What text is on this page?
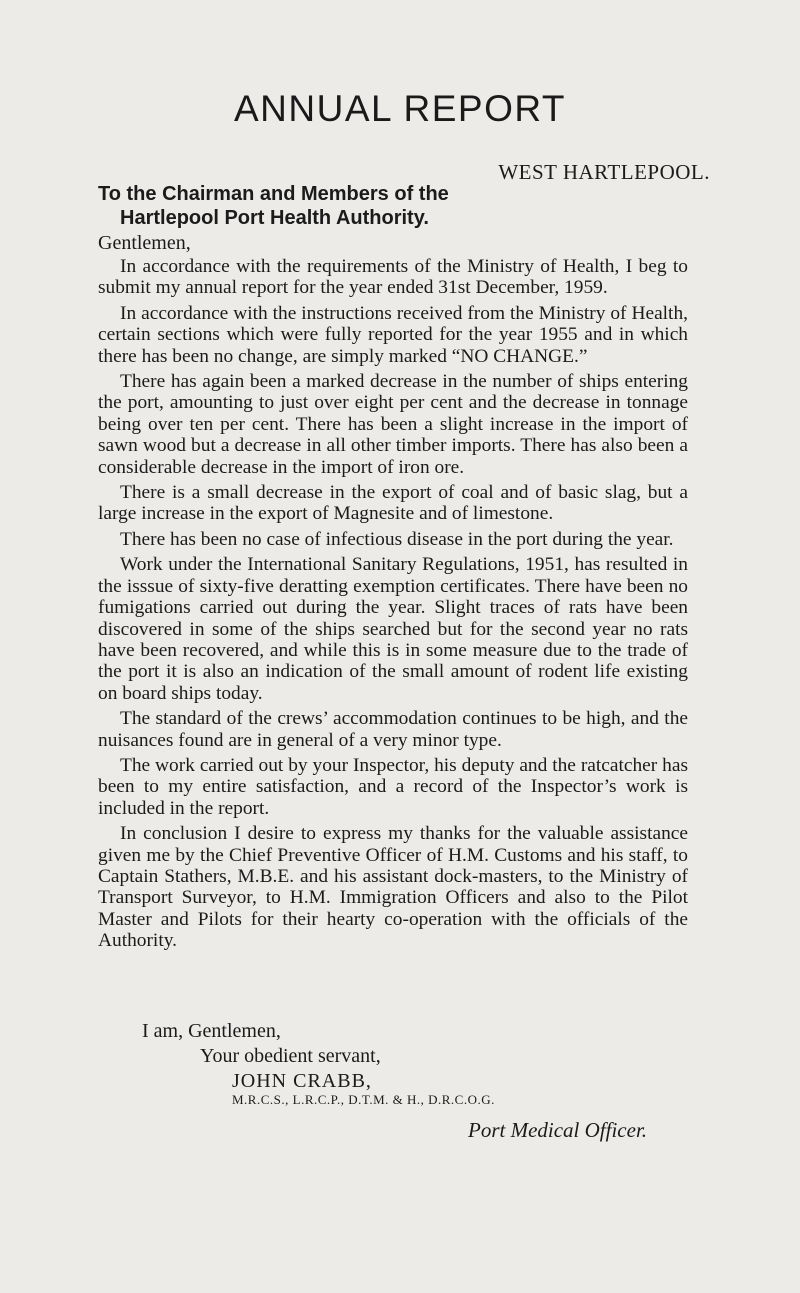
ANNUAL REPORT
WEST HARTLEPOOL.
To the Chairman and Members of the
Hartlepool Port Health Authority.
Gentlemen,

In accordance with the requirements of the Ministry of Health, I beg to submit my annual report for the year ended 31st December, 1959.

In accordance with the instructions received from the Ministry of Health, certain sections which were fully reported for the year 1955 and in which there has been no change, are simply marked “NO CHANGE.”

There has again been a marked decrease in the number of ships entering the port, amounting to just over eight per cent and the decrease in tonnage being over ten per cent. There has been a slight increase in the import of sawn wood but a decrease in all other timber imports. There has also been a considerable decrease in the import of iron ore.

There is a small decrease in the export of coal and of basic slag, but a large increase in the export of Magnesite and of limestone.

There has been no case of infectious disease in the port during the year.

Work under the International Sanitary Regulations, 1951, has resulted in the isssue of sixty-five deratting exemption certificates. There have been no fumigations carried out during the year. Slight traces of rats have been discovered in some of the ships searched but for the second year no rats have been recovered, and while this is in some measure due to the trade of the port it is also an indication of the small amount of rodent life existing on board ships today.

The standard of the crews’ accommodation continues to be high, and the nuisances found are in general of a very minor type.

The work carried out by your Inspector, his deputy and the ratcatcher has been to my entire satisfaction, and a record of the Inspector’s work is included in the report.

In conclusion I desire to express my thanks for the valuable assistance given me by the Chief Preventive Officer of H.M. Customs and his staff, to Captain Stathers, M.B.E. and his assistant dock-masters, to the Ministry of Transport Surveyor, to H.M. Immigration Officers and also to the Pilot Master and Pilots for their hearty co-operation with the officials of the Authority.

I am, Gentlemen,
Your obedient servant,
JOHN CRABB,
M.R.C.S., L.R.C.P., D.T.M. & H., D.R.C.O.G.
Port Medical Officer.
